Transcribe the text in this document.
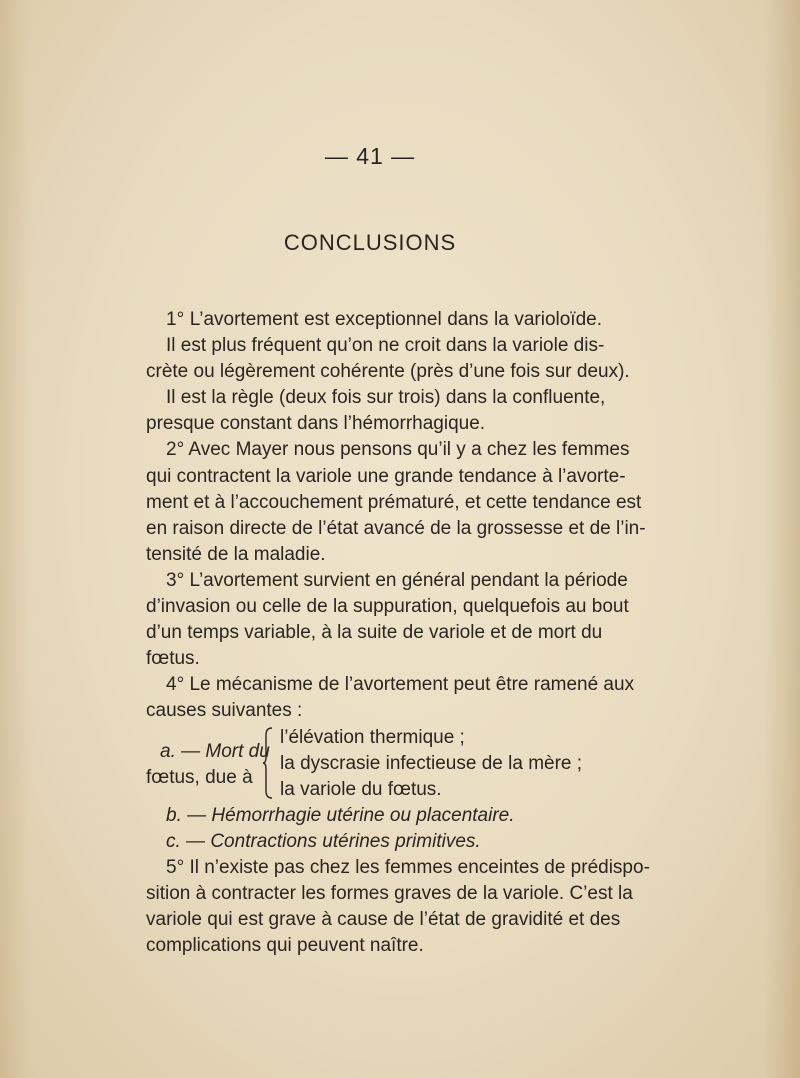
— 41 —
CONCLUSIONS
1° L’avortement est exceptionnel dans la varioloïde.
Il est plus fréquent qu’on ne croit dans la variole dis-
crète ou légèrement cohérente (près d’une fois sur deux).
Il est la règle (deux fois sur trois) dans la confluente,
presque constant dans l’hémorrhagique.
2° Avec Mayer nous pensons qu’il y a chez les femmes
qui contractent la variole une grande tendance à l’avorte-
ment et à l’accouchement prématuré, et cette tendance est
en raison directe de l’état avancé de la grossesse et de l’in-
tensité de la maladie.
3° L’avortement survient en général pendant la période
d’invasion ou celle de la suppuration, quelquefois au bout
d’un temps variable, à la suite de variole et de mort du
fœtus.
4° Le mécanisme de l’avortement peut être ramené aux
causes suivantes :
a. — Mort du
fœtus, due à
l’élévation thermique ;
la dyscrasie infectieuse de la mère ;
la variole du fœtus.
b. — Hémorrhagie utérine ou placentaire.
c. — Contractions utérines primitives.
5° Il n’existe pas chez les femmes enceintes de prédispo-
sition à contracter les formes graves de la variole. C’est la
variole qui est grave à cause de l’état de gravidité et des
complications qui peuvent naître.
